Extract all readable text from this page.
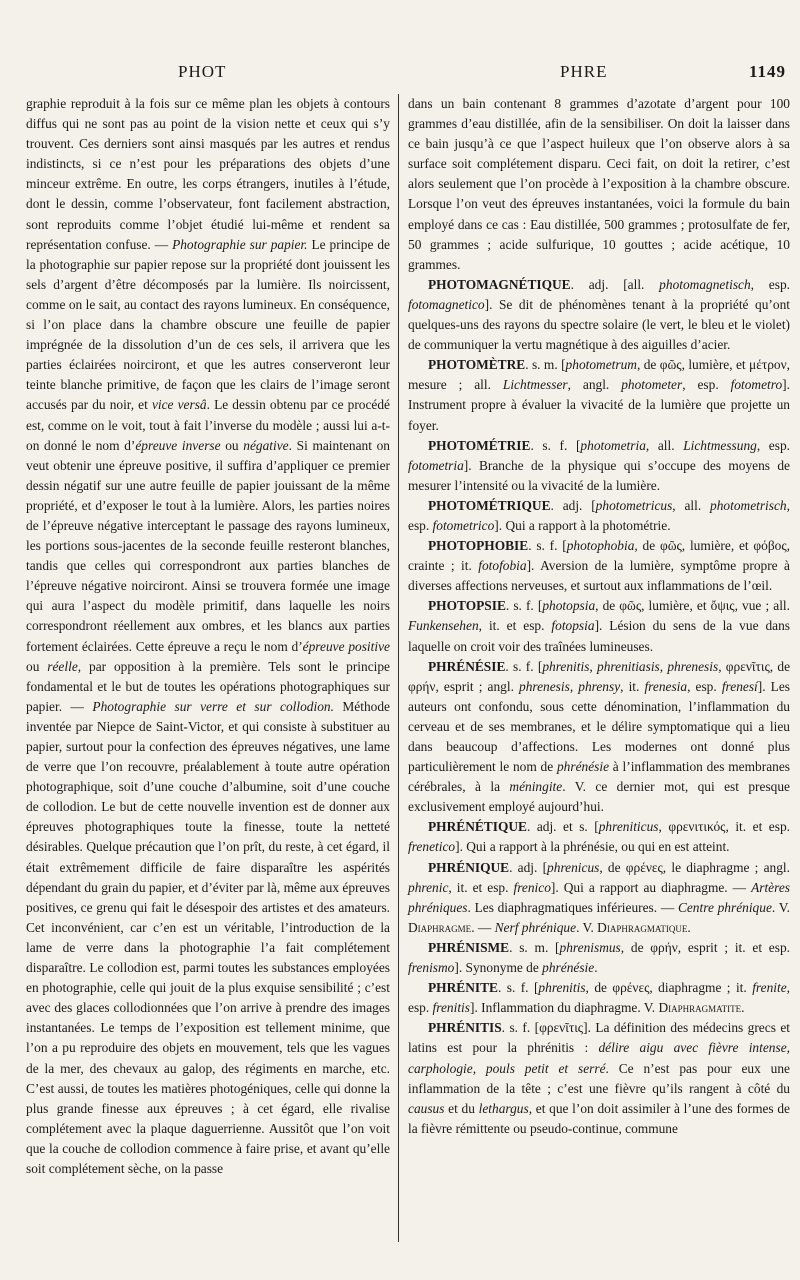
PHOT	PHRE	1149

graphie reproduit à la fois sur ce même plan les objets à contours diffus qui ne sont pas au point de la vision nette et ceux qui s’y trouvent. Ces derniers sont ainsi masqués par les autres et rendus indistincts, si ce n’est pour les préparations des objets d’une minceur extrême. En outre, les corps étrangers, inutiles à l’étude, dont le dessin, comme l’observateur, font facilement abstraction, sont reproduits comme l’objet étudié lui-même et rendent sa représentation confuse. — Photographie sur papier. Le principe de la photographie sur papier repose sur la propriété dont jouissent les sels d’argent d’être décomposés par la lumière. Ils noircissent, comme on le sait, au contact des rayons lumineux. En conséquence, si l’on place dans la chambre obscure une feuille de papier imprégnée de la dissolution d’un de ces sels, il arrivera que les parties éclairées noirciront, et que les autres conserveront leur teinte blanche primitive, de façon que les clairs de l’image seront accusés par du noir, et vice versâ. Le dessin obtenu par ce procédé est, comme on le voit, tout à fait l’inverse du modèle ; aussi lui a-t-on donné le nom d’épreuve inverse ou négative. Si maintenant on veut obtenir une épreuve positive, il suffira d’appliquer ce premier dessin négatif sur une autre feuille de papier jouissant de la même propriété, et d’exposer le tout à la lumière. Alors, les parties noires de l’épreuve négative interceptant le passage des rayons lumineux, les portions sous-jacentes de la seconde feuille resteront blanches, tandis que celles qui correspondront aux parties blanches de l’épreuve négative noirciront. Ainsi se trouvera formée une image qui aura l’aspect du modèle primitif, dans laquelle les noirs correspondront réellement aux ombres, et les blancs aux parties fortement éclairées. Cette épreuve a reçu le nom d’épreuve positive ou réelle, par opposition à la première. Tels sont le principe fondamental et le but de toutes les opérations photographiques sur papier. — Photographie sur verre et sur collodion. Méthode inventée par Niepce de Saint-Victor, et qui consiste à substituer au papier, surtout pour la confection des épreuves négatives, une lame de verre que l’on recouvre, préalablement à toute autre opération photographique, soit d’une couche d’albumine, soit d’une couche de collodion. Le but de cette nouvelle invention est de donner aux épreuves photographiques toute la finesse, toute la netteté désirables. Quelque précaution que l’on prît, du reste, à cet égard, il était extrêmement difficile de faire disparaître les aspérités dépendant du grain du papier, et d’éviter par là, même aux épreuves positives, ce grenu qui fait le désespoir des artistes et des amateurs. Cet inconvénient, car c’en est un véritable, l’introduction de la lame de verre dans la photographie l’a fait complétement disparaître. Le collodion est, parmi toutes les substances employées en photographie, celle qui jouit de la plus exquise sensibilité ; c’est avec des glaces collodionnées que l’on arrive à prendre des images instantanées. Le temps de l’exposition est tellement minime, que l’on a pu reproduire des objets en mouvement, tels que les vagues de la mer, des chevaux au galop, des régiments en marche, etc. C’est aussi, de toutes les matières photogéniques, celle qui donne la plus grande finesse aux épreuves ; à cet égard, elle rivalise complétement avec la plaque daguerrienne. Aussitôt que l’on voit que la couche de collodion commence à faire prise, et avant qu’elle soit complétement sèche, on la passe

dans un bain contenant 8 grammes d’azotate d’argent pour 100 grammes d’eau distillée, afin de la sensibiliser. On doit la laisser dans ce bain jusqu’à ce que l’aspect huileux que l’on observe alors à sa surface soit complétement disparu. Ceci fait, on doit la retirer, c’est alors seulement que l’on procède à l’exposition à la chambre obscure. Lorsque l’on veut des épreuves instantanées, voici la formule du bain employé dans ce cas : Eau distillée, 500 grammes ; protosulfate de fer, 50 grammes ; acide sulfurique, 10 gouttes ; acide acétique, 10 grammes.

PHOTOMAGNÉTIQUE. adj. [all. photomagnetisch, esp. fotomagnetico]. Se dit de phénomènes tenant à la propriété qu’ont quelques-uns des rayons du spectre solaire (le vert, le bleu et le violet) de communiquer la vertu magnétique à des aiguilles d’acier.

PHOTOMÈTRE. s. m. [photometrum, de φῶς, lumière, et μέτρον, mesure ; all. Lichtmesser, angl. photometer, esp. fotometro]. Instrument propre à évaluer la vivacité de la lumière que projette un foyer.

PHOTOMÉTRIE. s. f. [photometria, all. Lichtmessung, esp. fotometria]. Branche de la physique qui s’occupe des moyens de mesurer l’intensité ou la vivacité de la lumière.

PHOTOMÉTRIQUE. adj. [photometricus, all. photometrisch, esp. fotometrico]. Qui a rapport à la photométrie.

PHOTOPHOBIE. s. f. [photophobia, de φῶς, lumière, et φόβος, crainte ; it. fotofobia]. Aversion de la lumière, symptôme propre à diverses affections nerveuses, et surtout aux inflammations de l’œil.

PHOTOPSIE. s. f. [photopsia, de φῶς, lumière, et ὄψις, vue ; all. Funkensehen, it. et esp. fotopsia]. Lésion du sens de la vue dans laquelle on croit voir des traînées lumineuses.

PHRÉNÉSIE. s. f. [phrenitis, phrenitiasis, phrenesis, φρενῖτις, de φρήν, esprit ; angl. phrenesis, phrensy, it. frenesia, esp. frenesí]. Les auteurs ont confondu, sous cette dénomination, l’inflammation du cerveau et de ses membranes, et le délire symptomatique qui a lieu dans beaucoup d’affections. Les modernes ont donné plus particulièrement le nom de phrénésie à l’inflammation des membranes cérébrales, à la méningite. V. ce dernier mot, qui est presque exclusivement employé aujourd’hui.

PHRÉNÉTIQUE. adj. et s. [phreniticus, φρενιτικός, it. et esp. frenetico]. Qui a rapport à la phrénésie, ou qui en est atteint.

PHRÉNIQUE. adj. [phrenicus, de φρένες, le diaphragme ; angl. phrenic, it. et esp. frenico]. Qui a rapport au diaphragme. — Artères phréniques. Les diaphragmatiques inférieures. — Centre phrénique. V. Diaphragme. — Nerf phrénique. V. Diaphragmatique.

PHRÉNISME. s. m. [phrenismus, de φρήν, esprit ; it. et esp. frenismo]. Synonyme de phrénésie.

PHRÉNITE. s. f. [phrenitis, de φρένες, diaphragme ; it. frenite, esp. frenitis]. Inflammation du diaphragme. V. Diaphragmatite.

PHRÉNITIS. s. f. [φρενῖτις]. La définition des médecins grecs et latins est pour la phrénitis : délire aigu avec fièvre intense, carphologie, pouls petit et serré. Ce n’est pas pour eux une inflammation de la tête ; c’est une fièvre qu’ils rangent à côté du causus et du lethargus, et que l’on doit assimiler à l’une des formes de la fièvre rémittente ou pseudo-continue, commune
